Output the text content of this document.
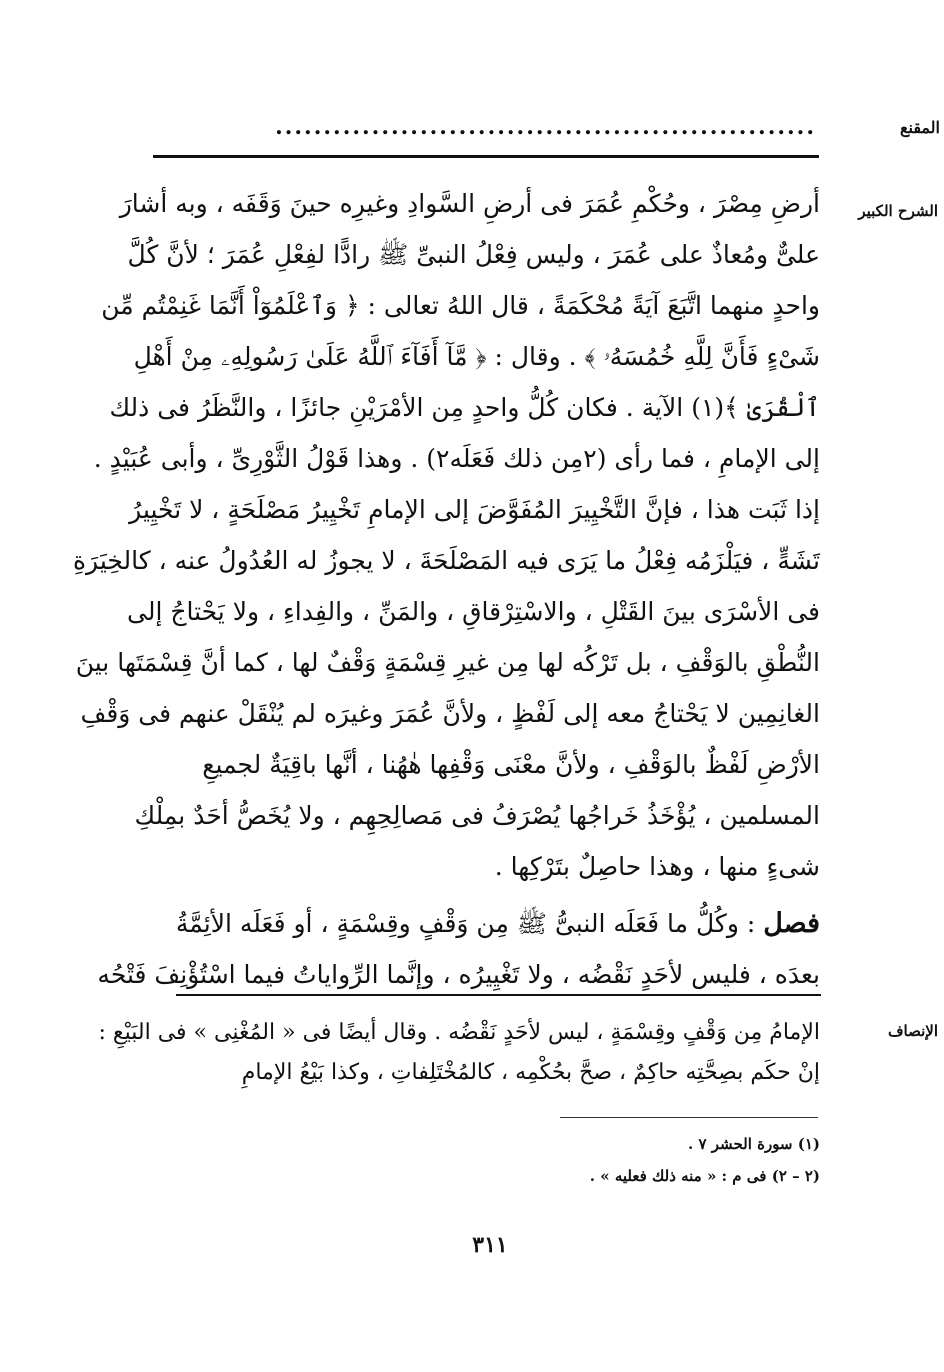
المقنع
........................................................
الشرح الكبير
الإنصاف
أرضِ مِصْرَ ، وحُكْمِ عُمَرَ فى أرضِ السَّوادِ وغيرِه حينَ وَقَفَه ، وبه أشارَ
علىٌّ ومُعاذٌ على عُمَرَ ، وليس فِعْلُ النبىِّ ﷺ رادًّا لفِعْلِ عُمَرَ ؛ لأنَّ كُلَّ
واحدٍ منهما اتَّبَعَ آيَةً مُحْكَمَةً ، قال اللهُ تعالى : ﴿ وَٱعْلَمُوٓاْ أَنَّمَا غَنِمْتُم مِّن
شَىْءٍ فَأَنَّ لِلَّهِ خُمُسَهُۥ ﴾ . وقال : ﴿ مَّآ أَفَآءَ ٱللَّهُ عَلَىٰ رَسُولِهِۦ مِنْ أَهْلِ
ٱلْقُرَىٰ ﴾(١) الآية . فكان كُلُّ واحدٍ مِن الأمْرَيْنِ جائزًا ، والنَّظَرُ فى ذلك
إلى الإمامِ ، فما رأى (٢مِن ذلك فَعَلَه٢) . وهذا قَوْلُ الثَّوْرِىِّ ، وأبى عُبَيْدٍ .
إذا ثَبَت هذا ، فإنَّ التَّخْيِيرَ المُفَوَّضَ إلى الإمامِ تَخْيِيرُ مَصْلَحَةٍ ، لا تَخْيِيرُ
تَشَهٍّ ، فيَلْزَمُه فِعْلُ ما يَرَى فيه المَصْلَحَةَ ، لا يجوزُ له العُدُولُ عنه ، كالخِيَرَةِ
فى الأسْرَى بينَ القَتْلِ ، والاسْتِرْقاقِ ، والمَنِّ ، والفِداءِ ، ولا يَحْتاجُ إلى
النُّطْقِ بالوَقْفِ ، بل تَرْكُه لها مِن غيرِ قِسْمَةٍ وَقْفٌ لها ، كما أنَّ قِسْمَتَها بينَ
الغانِمِين لا يَحْتاجُ معه إلى لَفْظٍ ، ولأنَّ عُمَرَ وغيرَه لم يُنْقَلْ عنهم فى وَقْفِ
الأرْضِ لَفْظٌ بالوَقْفِ ، ولأنَّ معْنَى وَقْفِها هٰهُنا ، أنَّها باقِيَةٌ لجميعِ
المسلمين ، يُؤْخَذُ خَراجُها يُصْرَفُ فى مَصالِحِهِم ، ولا يُخَصُّ أحَدٌ بمِلْكِ
شىءٍ منها ، وهذا حاصِلٌ بتَرْكِها .
فصل : وكُلُّ ما فَعَلَه النبىُّ ﷺ مِن وَقْفٍ وقِسْمَةٍ ، أو فَعَلَه الأئِمَّةُ
بعدَه ، فليس لأحَدٍ نَقْضُه ، ولا تَغْيِيرُه ، وإنَّما الرِّواياتُ فيما اسْتُؤْنِفَ فَتْحُه
الإمامُ مِن وَقْفٍ وقِسْمَةٍ ، ليس لأحَدٍ نَقْضُه . وقال أيضًا فى « المُغْنِى » فى البَيْعِ :
إنْ حكَم بصِحَّتِه حاكِمٌ ، صحَّ بحُكْمِه ، كالمُخْتَلِفاتِ ، وكذا بَيْعُ الإمامِ
(١) سورة الحشر ٧ .
(٢ – ٢) فى م : « منه ذلك فعليه » .
٣١١
